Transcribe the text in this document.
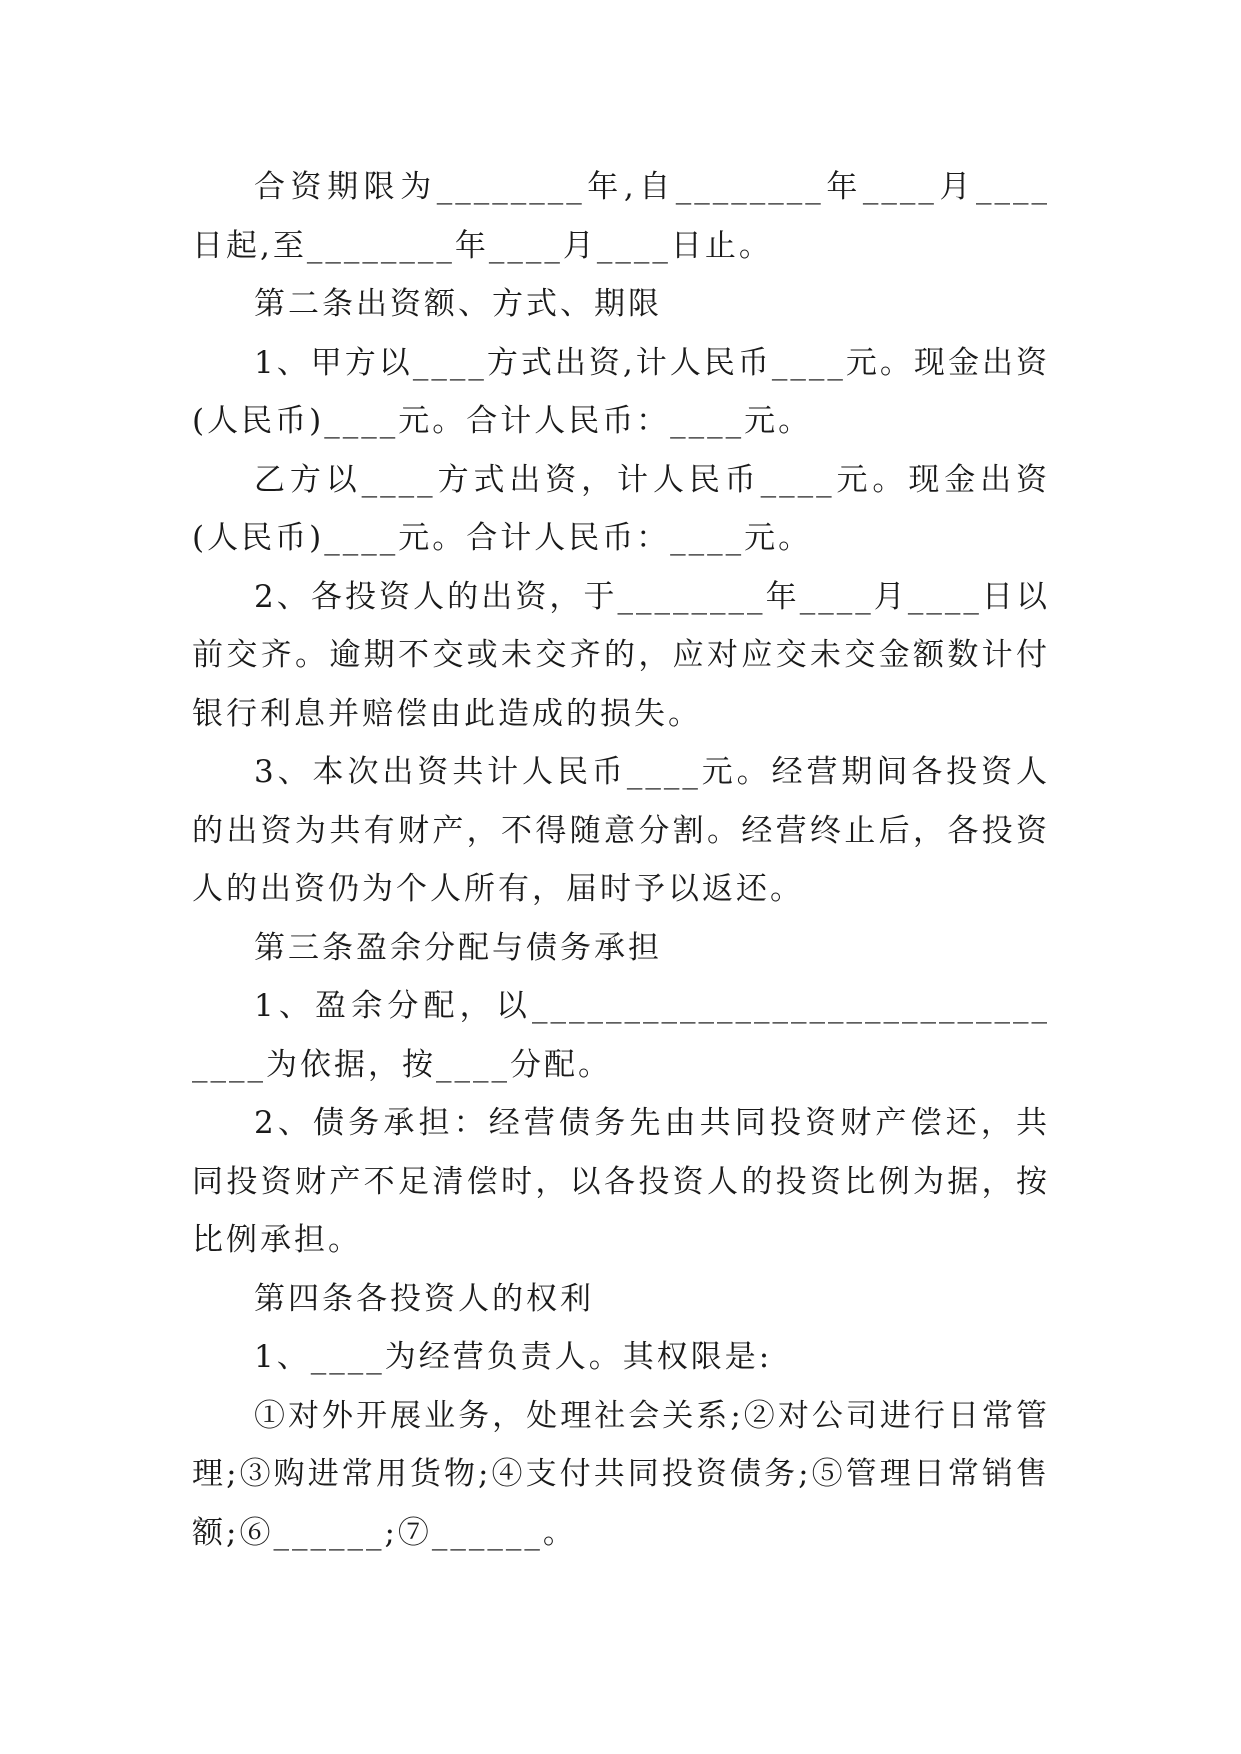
合资期限为________年,自________年____月____日起,至________年____月____日止。

第二条出资额、方式、期限

1、甲方以____方式出资,计人民币____元。现金出资(人民币)____元。合计人民币：____元。

乙方以____方式出资，计人民币____元。现金出资(人民币)____元。合计人民币：____元。

2、各投资人的出资，于________年____月____日以前交齐。逾期不交或未交齐的，应对应交未交金额数计付银行利息并赔偿由此造成的损失。

3、本次出资共计人民币____元。经营期间各投资人的出资为共有财产，不得随意分割。经营终止后，各投资人的出资仍为个人所有，届时予以返还。

第三条盈余分配与债务承担

1、盈余分配，以________________________________为依据，按____分配。

2、债务承担：经营债务先由共同投资财产偿还，共同投资财产不足清偿时，以各投资人的投资比例为据，按比例承担。

第四条各投资人的权利

1、____为经营负责人。其权限是:

①对外开展业务，处理社会关系;②对公司进行日常管理;③购进常用货物;④支付共同投资债务;⑤管理日常销售额;⑥______;⑦______。
